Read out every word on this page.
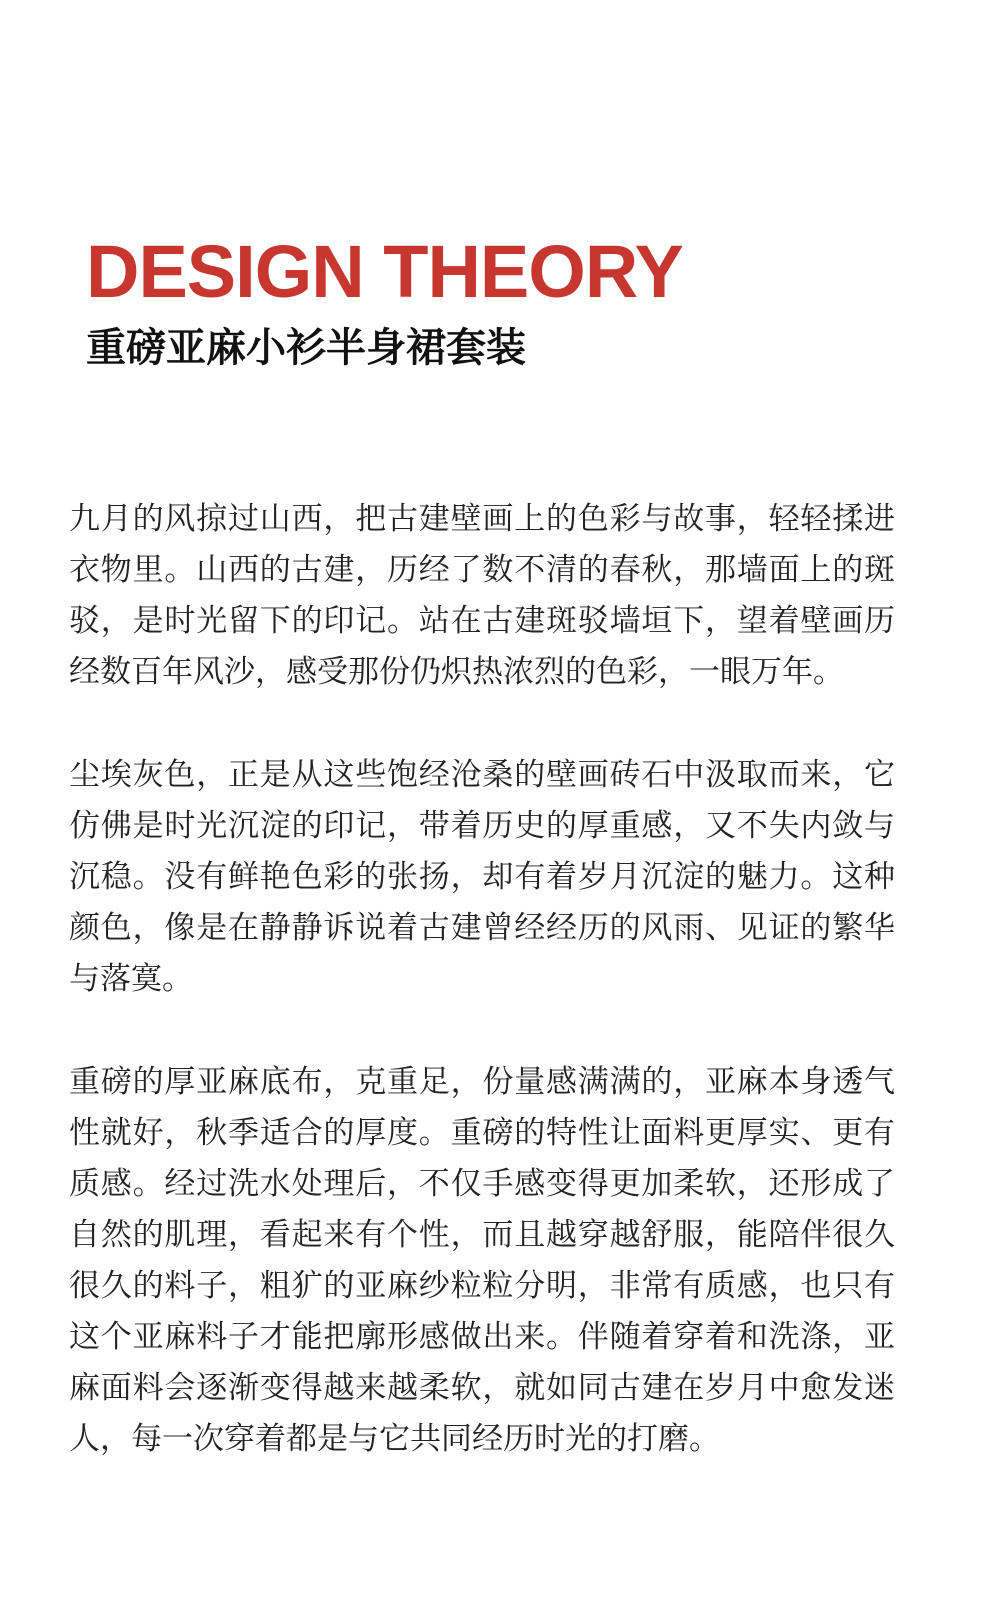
DESIGN THEORY
重磅亚麻小衫半身裙套装

九月的风掠过山西，把古建壁画上的色彩与故事，轻轻揉进衣物里。山西的古建，历经了数不清的春秋，那墙面上的斑驳，是时光留下的印记。站在古建斑驳墙垣下，望着壁画历经数百年风沙，感受那份仍炽热浓烈的色彩，一眼万年。

尘埃灰色，正是从这些饱经沧桑的壁画砖石中汲取而来，它仿佛是时光沉淀的印记，带着历史的厚重感，又不失内敛与沉稳。没有鲜艳色彩的张扬，却有着岁月沉淀的魅力。这种颜色，像是在静静诉说着古建曾经经历的风雨、见证的繁华与落寞。

重磅的厚亚麻底布，克重足，份量感满满的，亚麻本身透气性就好，秋季适合的厚度。重磅的特性让面料更厚实、更有质感。经过洗水处理后，不仅手感变得更加柔软，还形成了自然的肌理，看起来有个性，而且越穿越舒服，能陪伴很久很久的料子，粗犷的亚麻纱粒粒分明，非常有质感，也只有这个亚麻料子才能把廓形感做出来。伴随着穿着和洗涤，亚麻面料会逐渐变得越来越柔软，就如同古建在岁月中愈发迷人，每一次穿着都是与它共同经历时光的打磨。
